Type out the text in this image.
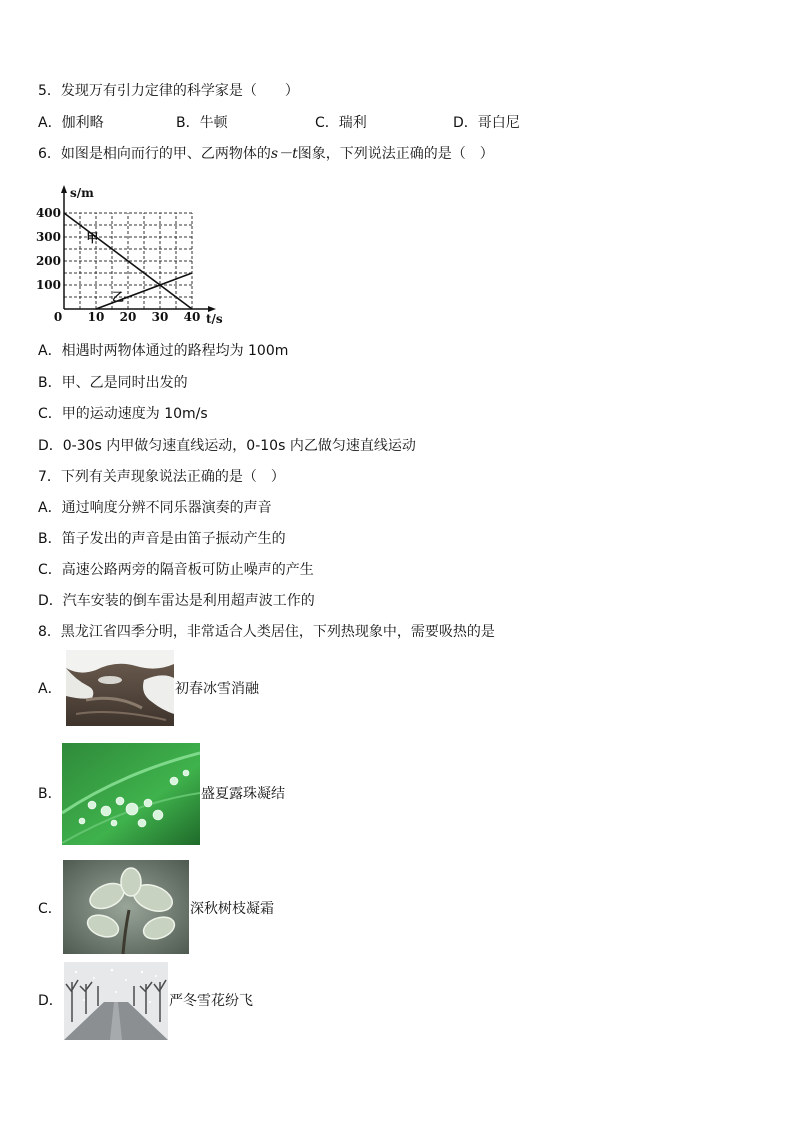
5．发现万有引力定律的科学家是（　　）
A．伽利略	B．牛顿	C．瑞利	D．哥白尼
6．如图是相向而行的甲、乙两物体的s－t图象，下列说法正确的是（　）
甲
乙
0 10 20 30 40
100
200
300
400
t/s
s/m
A．相遇时两物体通过的路程均为 100m
B．甲、乙是同时出发的
C．甲的运动速度为 10m/s
D．0-30s 内甲做匀速直线运动，0-10s 内乙做匀速直线运动
7．下列有关声现象说法正确的是（　）
A．通过响度分辨不同乐器演奏的声音
B．笛子发出的声音是由笛子振动产生的
C．高速公路两旁的隔音板可防止噪声的产生
D．汽车安装的倒车雷达是利用超声波工作的
8．黑龙江省四季分明，非常适合人类居住，下列热现象中，需要吸热的是
A．	初春冰雪消融
B．	盛夏露珠凝结
C．	深秋树枝凝霜
D．	严冬雪花纷飞
